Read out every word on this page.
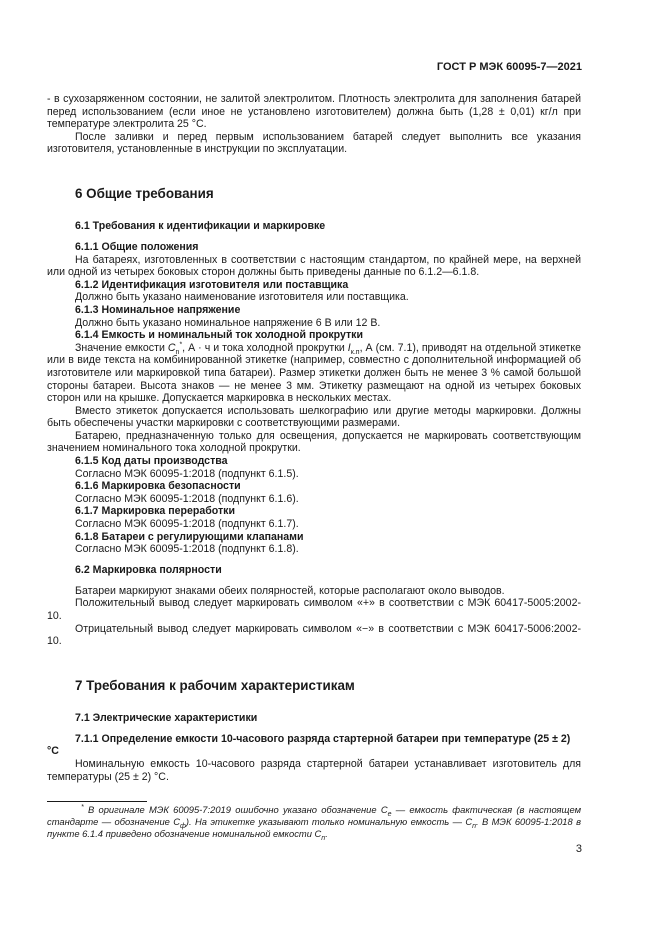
ГОСТ Р МЭК 60095-7—2021

- в сухозаряженном состоянии, не залитой электролитом. Плотность электролита для заполнения батарей перед использованием (если иное не установлено изготовителем) должна быть (1,28 ± 0,01) кг/л при температуре электролита 25 °С.

После заливки и перед первым использованием батарей следует выполнить все указания изготовителя, установленные в инструкции по эксплуатации.

6 Общие требования
6.1 Требования к идентификации и маркировке
6.1.1 Общие положения

На батареях, изготовленных в соответствии с настоящим стандартом, по крайней мере, на верхней или одной из четырех боковых сторон должны быть приведены данные по 6.1.2—6.1.8.

6.1.2 Идентификация изготовителя или поставщика

Должно быть указано наименование изготовителя или поставщика.

6.1.3 Номинальное напряжение

Должно быть указано номинальное напряжение 6 В или 12 В.

6.1.4 Емкость и номинальный ток холодной прокрутки

Значение емкости $C_n^*$, А · ч и тока холодной прокрутки $I_{к.п}$, А (см. 7.1), приводят на отдельной этикетке или в виде текста на комбинированной этикетке (например, совместно с дополнительной информацией об изготовителе или маркировкой типа батареи). Размер этикетки должен быть не менее 3 % самой большой стороны батареи. Высота знаков — не менее 3 мм. Этикетку размещают на одной из четырех боковых сторон или на крышке. Допускается маркировка в нескольких местах.

Вместо этикеток допускается использовать шелкографию или другие методы маркировки. Должны быть обеспечены участки маркировки с соответствующими размерами.

Батарею, предназначенную только для освещения, допускается не маркировать соответствующим значением номинального тока холодной прокрутки.

6.1.5 Код даты производства

Согласно МЭК 60095-1:2018 (подпункт 6.1.5).

6.1.6 Маркировка безопасности

Согласно МЭК 60095-1:2018 (подпункт 6.1.6).

6.1.7 Маркировка переработки

Согласно МЭК 60095-1:2018 (подпункт 6.1.7).

6.1.8 Батареи с регулирующими клапанами

Согласно МЭК 60095-1:2018 (подпункт 6.1.8).

6.2 Маркировка полярности

Батареи маркируют знаками обеих полярностей, которые располагают около выводов.

Положительный вывод следует маркировать символом «+» в соответствии с МЭК 60417-5005:2002-10.

Отрицательный вывод следует маркировать символом «−» в соответствии с МЭК 60417-5006:2002-10.

7 Требования к рабочим характеристикам
7.1 Электрические характеристики
7.1.1 Определение емкости 10-часового разряда стартерной батареи при температуре (25 ± 2) °С

Номинальную емкость 10-часового разряда стартерной батареи устанавливает изготовитель для температуры (25 ± 2) °С.

* В оригинале МЭК 60095-7:2019 ошибочно указано обозначение $C_e$ — емкость фактическая (в настоящем стандарте — обозначение $C_ф$). На этикетке указывают только номинальную емкость — $C_n$. В МЭК 60095-1:2018 в пункте 6.1.4 приведено обозначение номинальной емкости $C_n$.
3
